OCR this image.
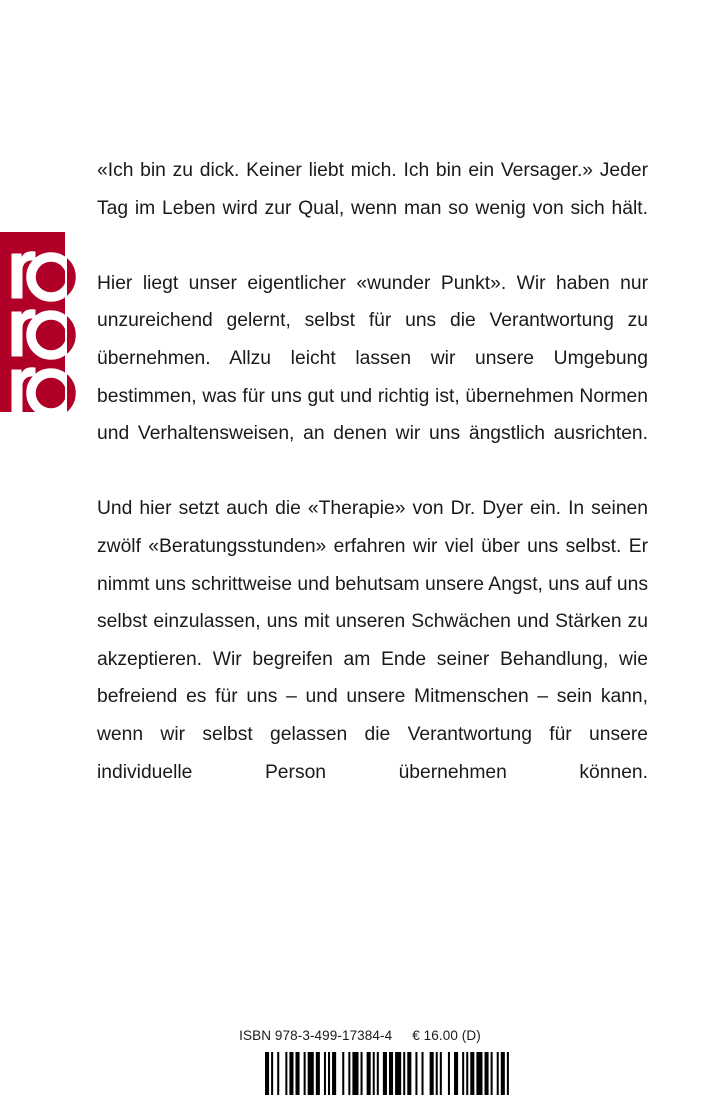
«Ich bin zu dick. Keiner liebt mich. Ich bin ein Versager.» Jeder Tag im Leben wird zur Qual, wenn man so wenig von sich hält.

Hier liegt unser eigentlicher «wunder Punkt». Wir haben nur unzureichend gelernt, selbst für uns die Verantwortung zu übernehmen. Allzu leicht lassen wir unsere Umgebung bestimmen, was für uns gut und richtig ist, übernehmen Normen und Verhaltensweisen, an denen wir uns ängstlich ausrichten.

Und hier setzt auch die «Therapie» von Dr. Dyer ein. In seinen zwölf «Beratungsstunden» erfahren wir viel über uns selbst. Er nimmt uns schrittweise und behutsam unsere Angst, uns auf uns selbst einzulassen, uns mit unseren Schwächen und Stärken zu akzeptieren. Wir begreifen am Ende seiner Behandlung, wie befreiend es für uns – und unsere Mitmenschen – sein kann, wenn wir selbst gelassen die Verantwortung für unsere individuelle Person übernehmen können.

ISBN 978-3-499-17384-4 € 16.00 (D)
